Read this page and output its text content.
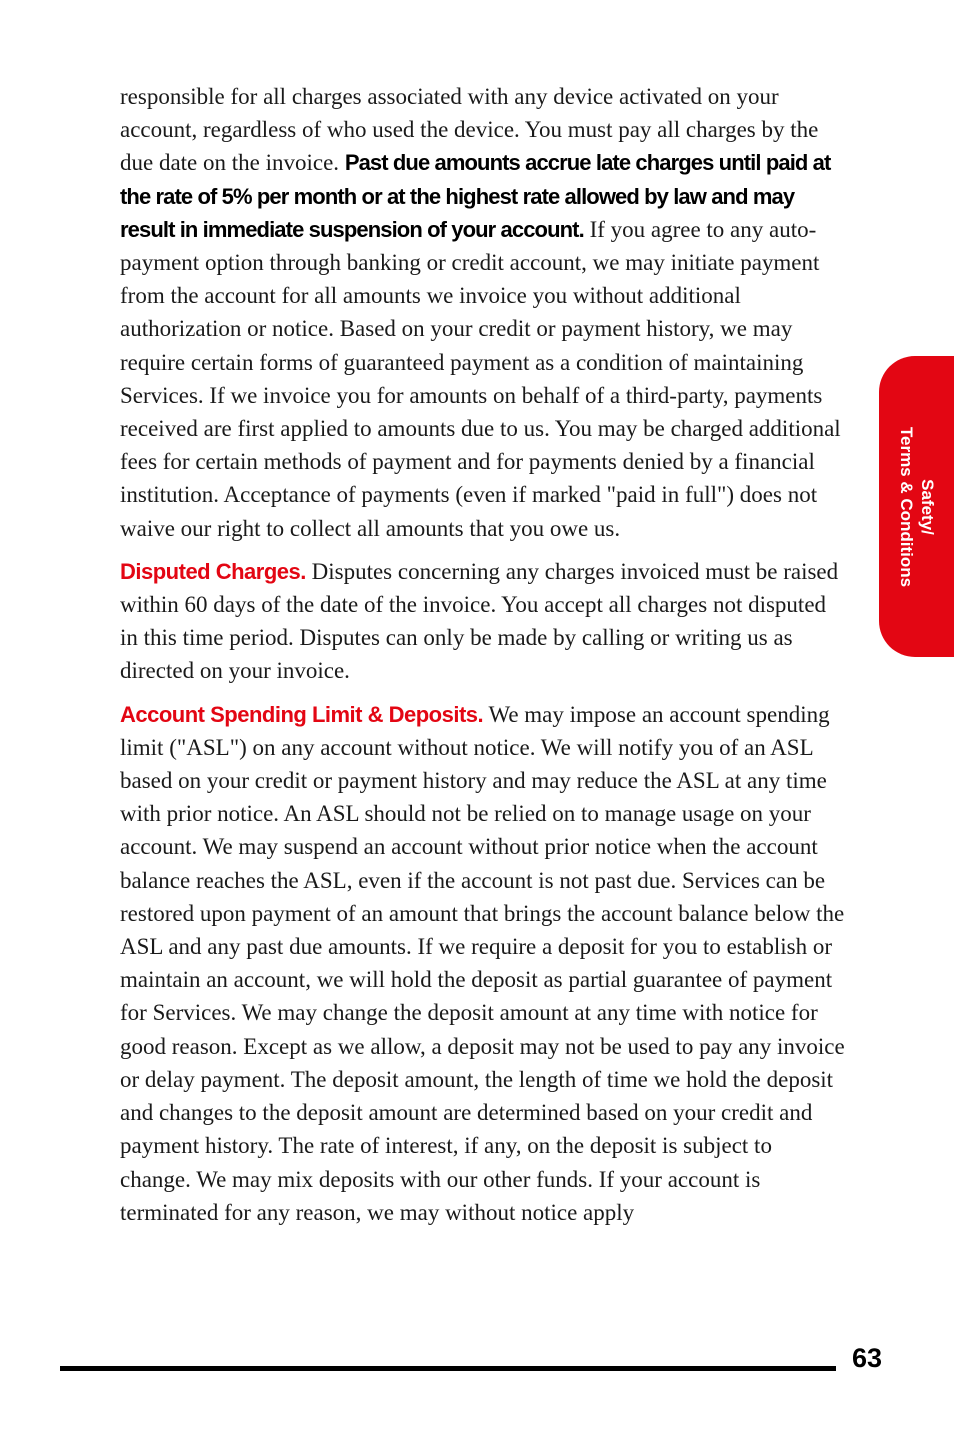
responsible for all charges associated with any device activated on your account, regardless of who used the device. You must pay all charges by the due date on the invoice. Past due amounts accrue late charges until paid at the rate of 5% per month or at the highest rate allowed by law and may result in immediate suspension of your account. If you agree to any auto-payment option through banking or credit account, we may initiate payment from the account for all amounts we invoice you without additional authorization or notice. Based on your credit or payment history, we may require certain forms of guaranteed payment as a condition of maintaining Services. If we invoice you for amounts on behalf of a third-party, payments received are first applied to amounts due to us. You may be charged additional fees for certain methods of payment and for payments denied by a financial institution. Acceptance of payments (even if marked "paid in full") does not waive our right to collect all amounts that you owe us.

Disputed Charges. Disputes concerning any charges invoiced must be raised within 60 days of the date of the invoice. You accept all charges not disputed in this time period. Disputes can only be made by calling or writing us as directed on your invoice.

Account Spending Limit & Deposits. We may impose an account spending limit ("ASL") on any account without notice. We will notify you of an ASL based on your credit or payment history and may reduce the ASL at any time with prior notice. An ASL should not be relied on to manage usage on your account. We may suspend an account without prior notice when the account balance reaches the ASL, even if the account is not past due. Services can be restored upon payment of an amount that brings the account balance below the ASL and any past due amounts. If we require a deposit for you to establish or maintain an account, we will hold the deposit as partial guarantee of payment for Services. We may change the deposit amount at any time with notice for good reason. Except as we allow, a deposit may not be used to pay any invoice or delay payment. The deposit amount, the length of time we hold the deposit and changes to the deposit amount are determined based on your credit and payment history. The rate of interest, if any, on the deposit is subject to change. We may mix deposits with our other funds. If your account is terminated for any reason, we may without notice apply

Safety/
Terms & Conditions
63
